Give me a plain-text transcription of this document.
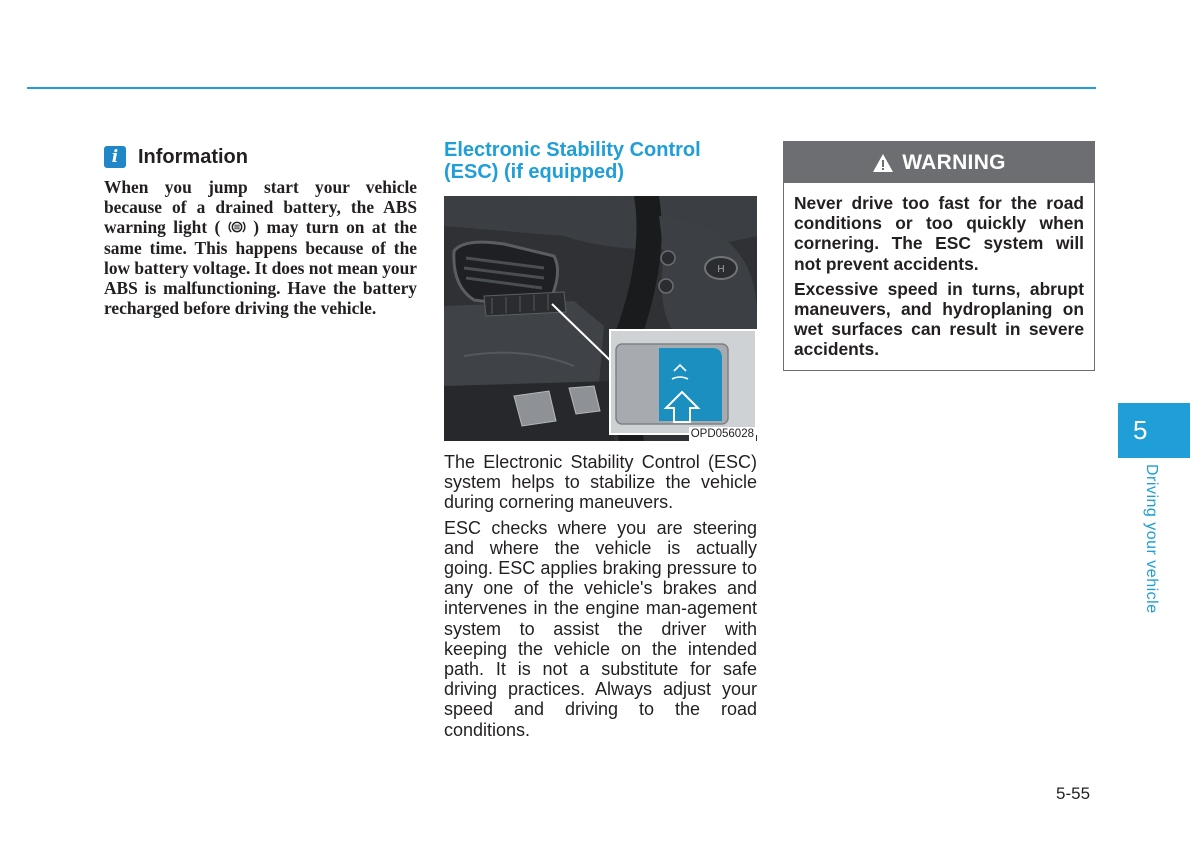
i Information
When you jump start your vehicle because of a drained battery, the ABS warning light ( ) may turn on at the same time. This happens because of the low battery voltage. It does not mean your ABS is malfunctioning. Have the battery recharged before driving the vehicle.
Electronic Stability Control (ESC) (if equipped)
H
OPD056028

The Electronic Stability Control (ESC) system helps to stabilize the vehicle during cornering maneuvers.

ESC checks where you are steering and where the vehicle is actually going. ESC applies braking pressure to any one of the vehicle's brakes and intervenes in the engine man-agement system to assist the driver with keeping the vehicle on the intended path. It is not a substitute for safe driving practices. Always adjust your speed and driving to the road conditions.

WARNING

Never drive too fast for the road conditions or too quickly when cornering. The ESC system will not prevent accidents.

Excessive speed in turns, abrupt maneuvers, and hydroplaning on wet surfaces can result in severe accidents.

5
Driving your vehicle
5-55
